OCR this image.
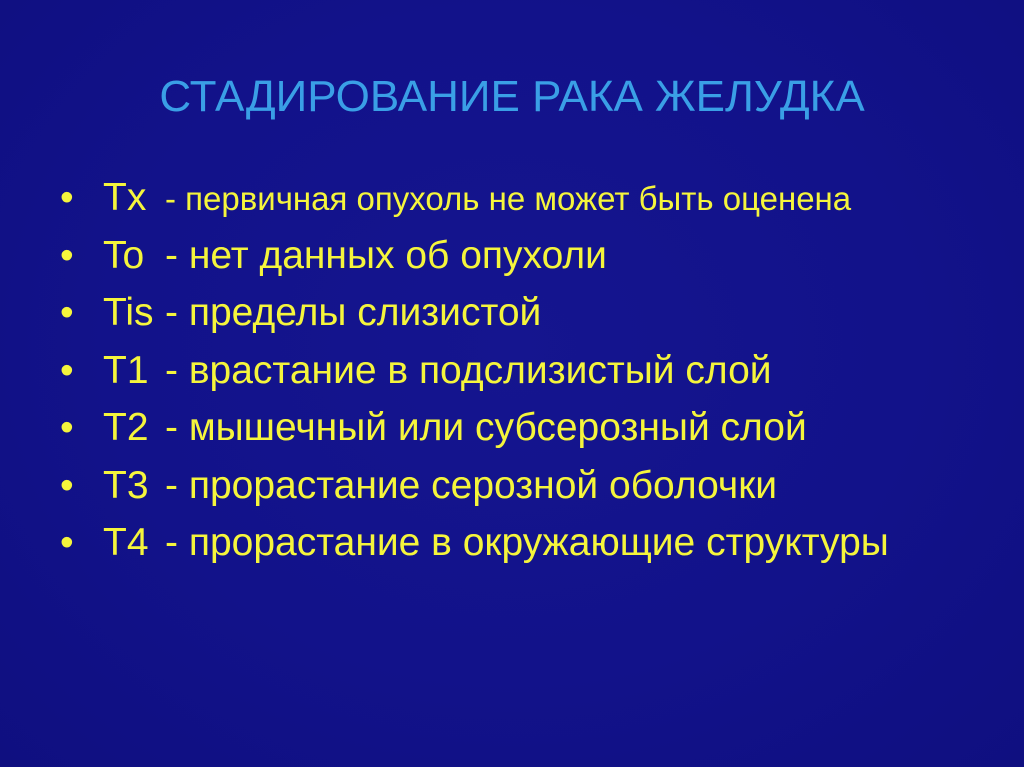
СТАДИРОВАНИЕ РАКА ЖЕЛУДКА
• Tx - первичная опухоль не может быть оценена
• To - нет данных об опухоли
• Tis - пределы слизистой
• T1 - врастание в подслизистый слой
• T2 - мышечный или субсерозный слой
• T3 - прорастание серозной оболочки
• T4 - прорастание в окружающие структуры
